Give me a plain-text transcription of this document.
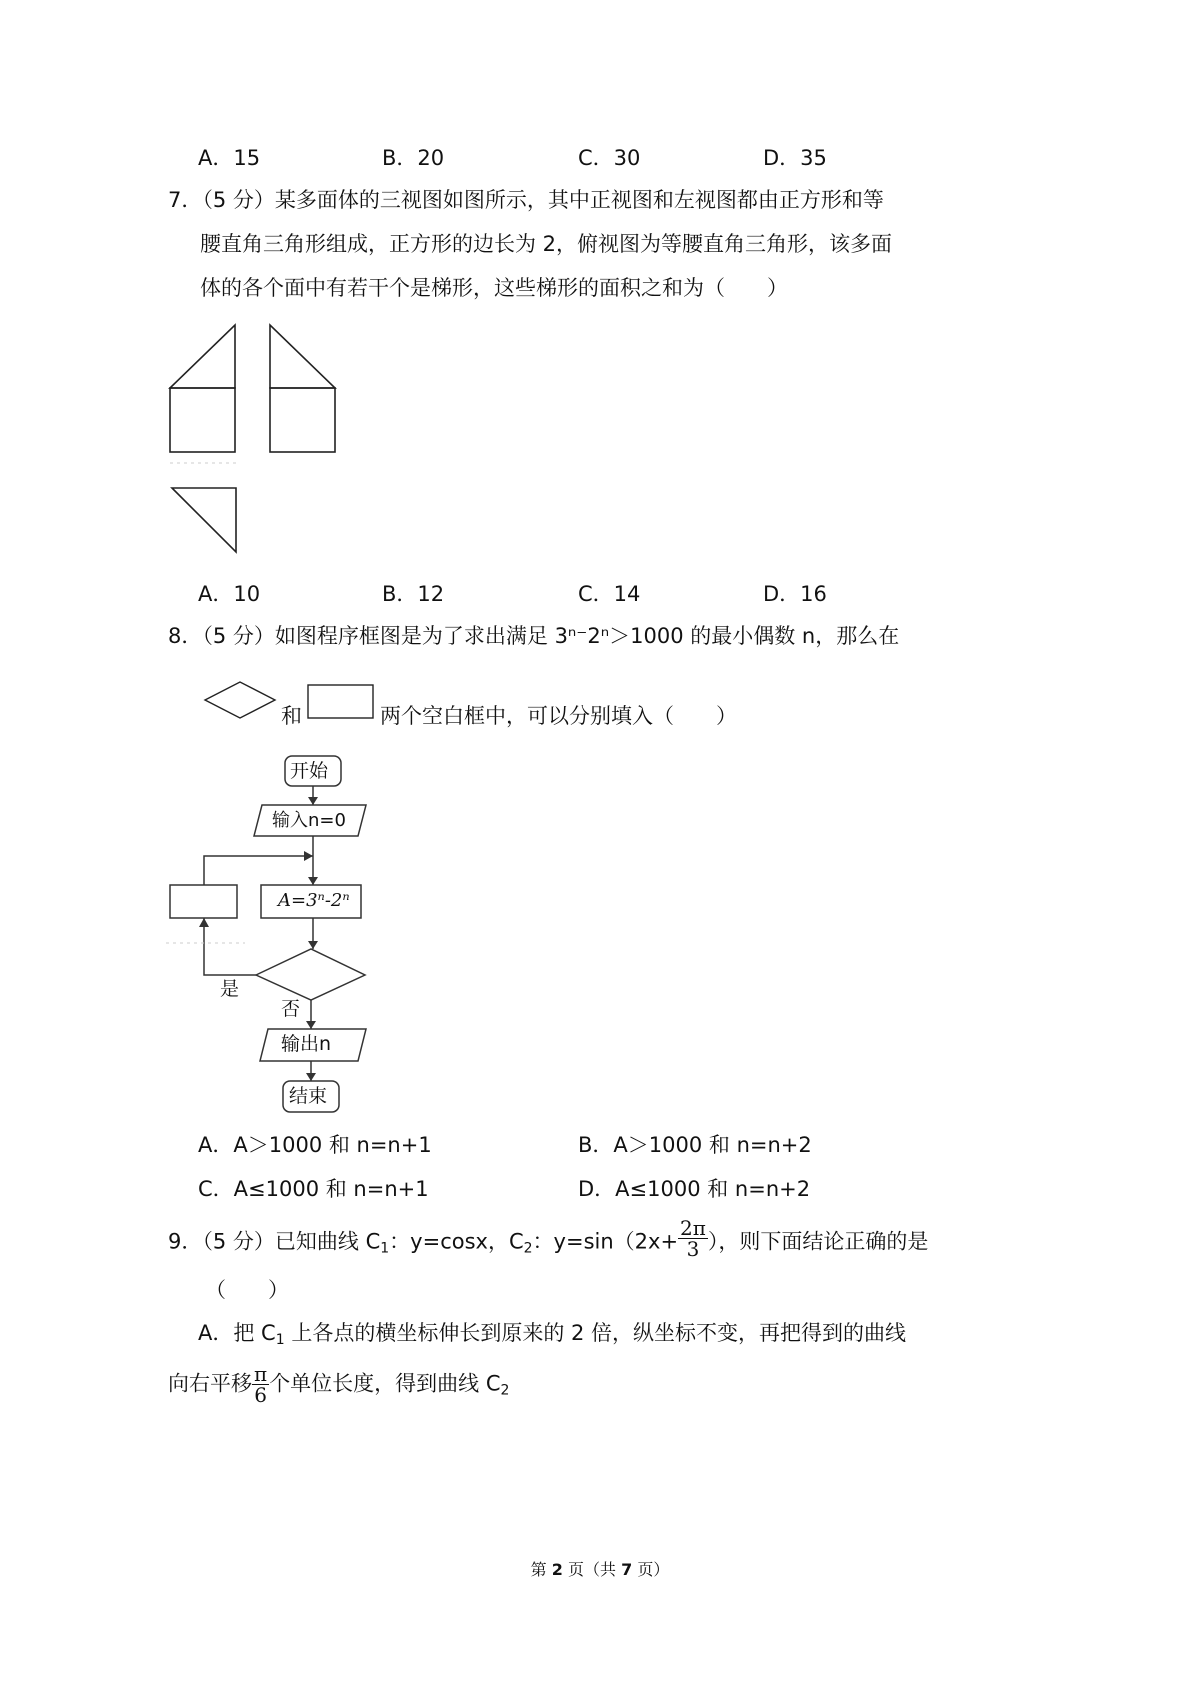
A．15	B．20	C．30	D．35
7．（5 分）某多面体的三视图如图所示，其中正视图和左视图都由正方形和等
腰直角三角形组成，正方形的边长为 2，俯视图为等腰直角三角形，该多面
体的各个面中有若干个是梯形，这些梯形的面积之和为（　　）
8．（5 分）如图程序框图是为了求出满足 3ⁿ⁻2ⁿ＞1000 的最小偶数 n，那么在
和	两个空白框中，可以分别填入（　　）
开始
输入n=0
A=3ⁿ-2ⁿ
是
否
输出n
结束
A．10	B．12	C．14	D．16
A．A＞1000 和 n=n+1	B．A＞1000 和 n=n+2
C．A≤1000 和 n=n+1	D．A≤1000 和 n=n+2
9．（5 分）已知曲线 $C_1$：y=cosx，$C_2$：$y=\sin(2x+ \frac{2\pi}{3}$ ），则下面结论正确的是
（　　）
A．把 $C_1$ 上各点的横坐标伸长到原来的 2 倍，纵坐标不变，再把得到的曲线
向右平移 $\frac{\pi}{6}$ 个单位长度，得到曲线 $C_2$
第 2 页（共 7 页）
